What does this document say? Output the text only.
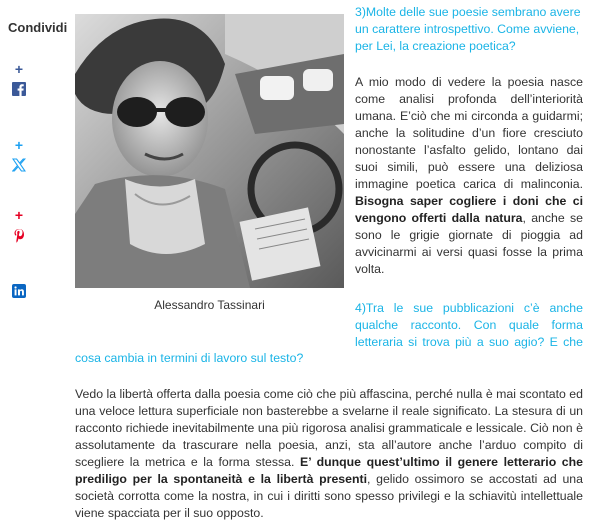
Condividi
+
+
+
Alessandro Tassinari
3)Molte delle sue poesie sembrano avere
un carattere introspettivo. Come avviene,
per Lei, la creazione poetica?
A mio modo di vedere la poesia nasce come analisi profonda dell’interiorità umana. E’ciò che mi circonda a guidarmi; anche la solitudine d’un fiore cresciuto nonostante l’asfalto gelido, lontano dai suoi simili, può essere una deliziosa immagine poetica carica di malinconia. Bisogna saper cogliere i doni che ci vengono offerti dalla natura, anche se sono le grigie giornate di pioggia ad avvicinarmi ai versi quasi fosse la prima volta.
4)Tra le sue pubblicazioni c’è anche qualche racconto. Con quale forma letteraria si trova più a suo agio? E che
cosa cambia in termini di lavoro sul testo?
Vedo la libertà offerta dalla poesia come ciò che più affascina, perché nulla è mai scontato ed una veloce lettura superficiale non basterebbe a svelarne il reale significato. La stesura di un racconto richiede inevitabilmente una più rigorosa analisi grammaticale e lessicale. Ciò non è assolutamente da trascurare nella poesia, anzi, sta all’autore anche l’arduo compito di scegliere la metrica e la forma stessa. E’ dunque quest’ultimo il genere letterario che prediligo per la spontaneità e la libertà presenti, gelido ossimoro se accostati ad una società corrotta come la nostra, in cui i diritti sono spesso privilegi e la schiavitù intellettuale viene spacciata per il suo opposto.
